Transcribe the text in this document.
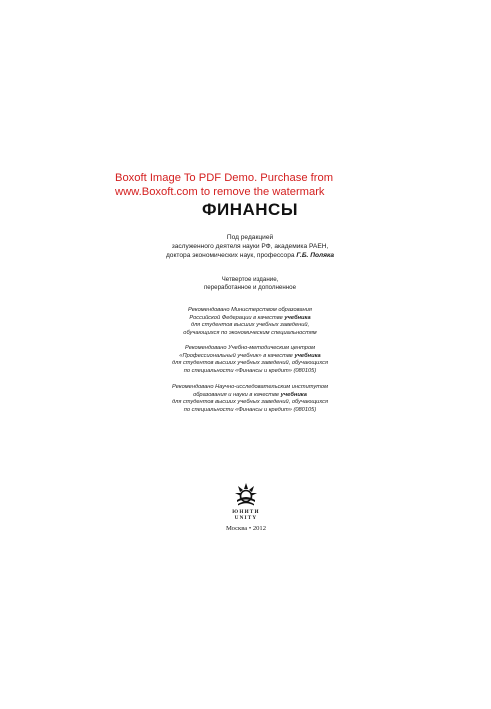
Boxoft Image To PDF Demo. Purchase from
www.Boxoft.com to remove the watermark
ФИНАНСЫ
Под редакцией
заслуженного деятеля науки РФ, академика РАЕН,
доктора экономических наук, профессора Г.Б. Поляка
Четвертое издание,
переработанное и дополненное
Рекомендовано Министерством образования
Российской Федерации в качестве учебника
для студентов высших учебных заведений,
обучающихся по экономическим специальностям
Рекомендовано Учебно-методическим центром
«Профессиональный учебник» в качестве учебника
для студентов высших учебных заведений, обучающихся
по специальности «Финансы и кредит» (080105)
Рекомендовано Научно-исследовательским институтом
образования и науки в качестве учебника
для студентов высших учебных заведений, обучающихся
по специальности «Финансы и кредит» (080105)
ЮНИТИ
UNITY
Москва • 2012
